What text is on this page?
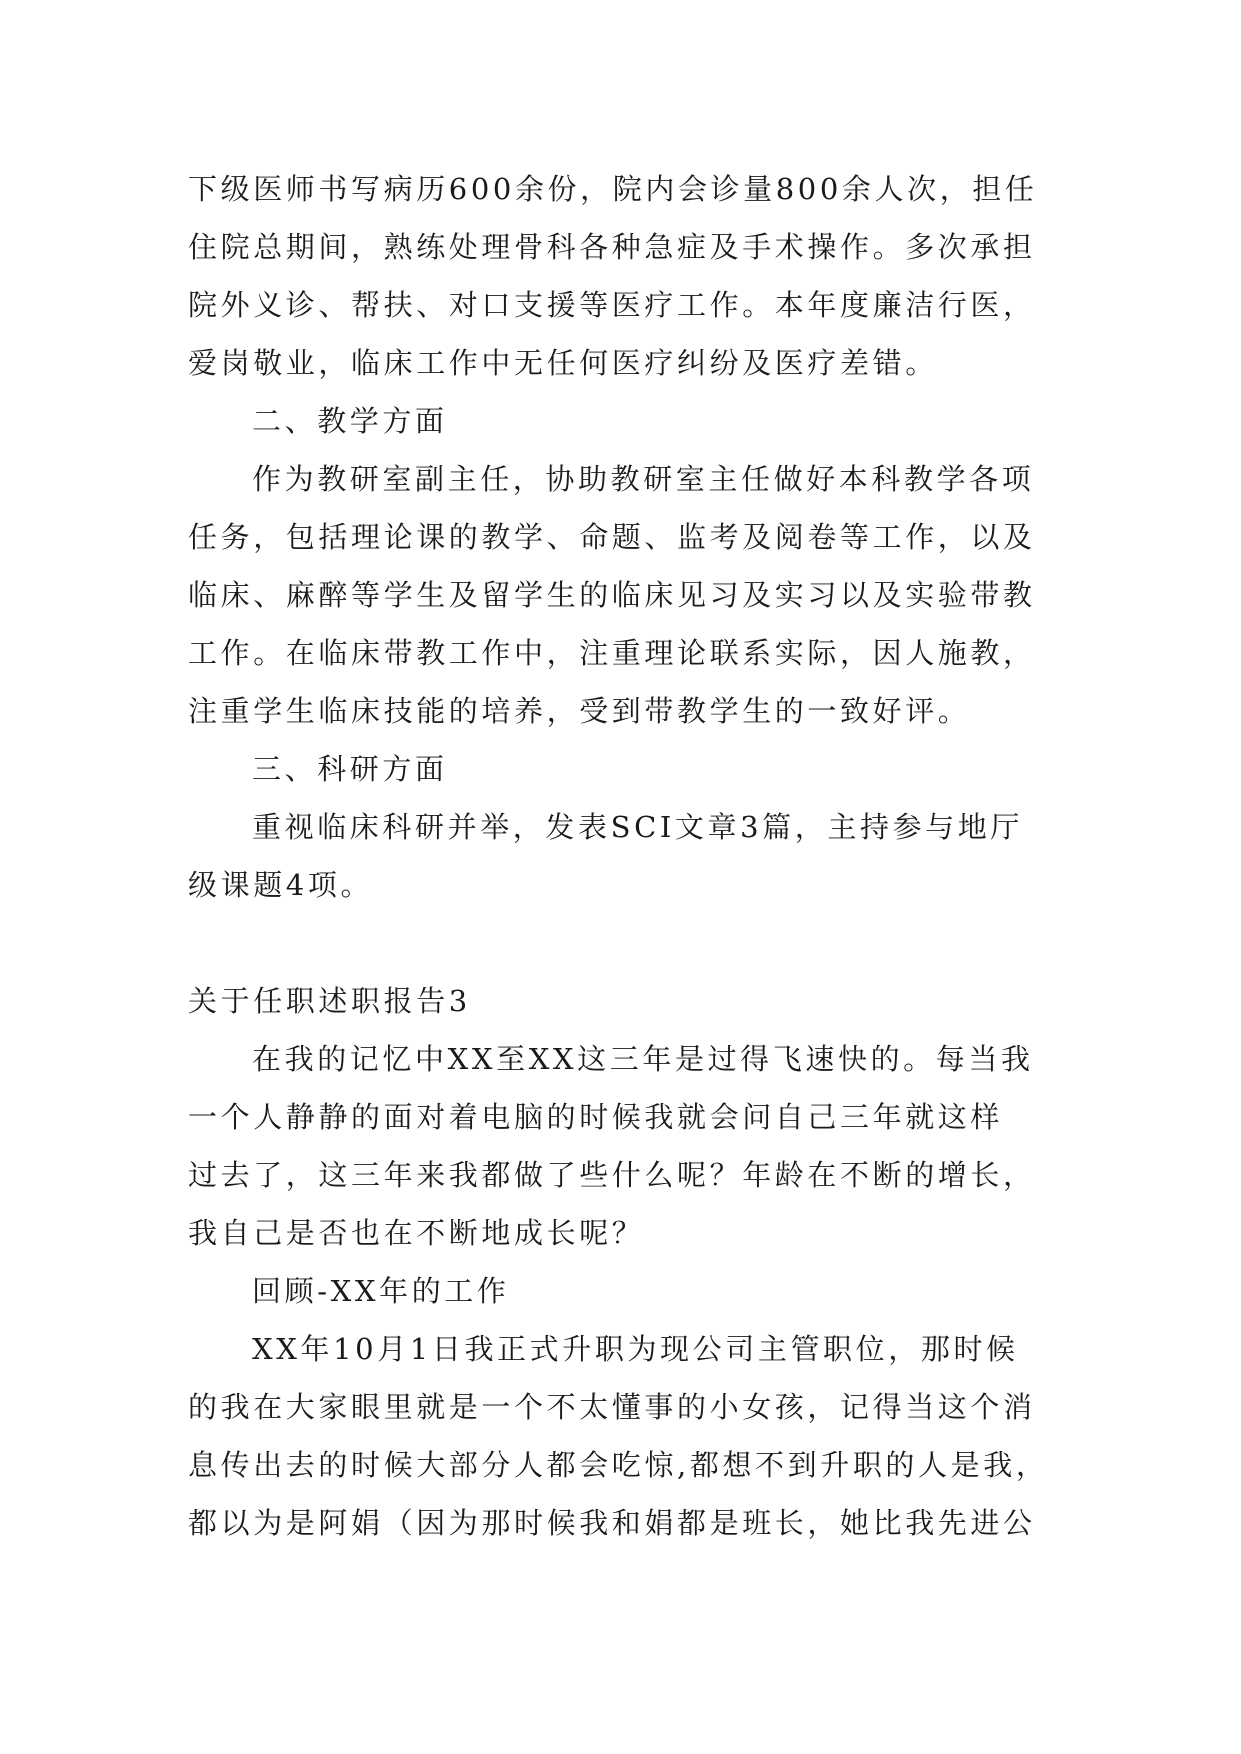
下级医师书写病历600余份，院内会诊量800余人次，担任
住院总期间，熟练处理骨科各种急症及手术操作。多次承担
院外义诊、帮扶、对口支援等医疗工作。本年度廉洁行医，
爱岗敬业，临床工作中无任何医疗纠纷及医疗差错。
二、教学方面
作为教研室副主任，协助教研室主任做好本科教学各项
任务，包括理论课的教学、命题、监考及阅卷等工作，以及
临床、麻醉等学生及留学生的临床见习及实习以及实验带教
工作。在临床带教工作中，注重理论联系实际，因人施教，
注重学生临床技能的培养，受到带教学生的一致好评。
三、科研方面
重视临床科研并举，发表SCI文章3篇，主持参与地厅
级课题4项。
关于任职述职报告3
在我的记忆中XX至XX这三年是过得飞速快的。每当我
一个人静静的面对着电脑的时候我就会问自己三年就这样
过去了，这三年来我都做了些什么呢？年龄在不断的增长，
我自己是否也在不断地成长呢？
回顾-XX年的工作
XX年10月1日我正式升职为现公司主管职位，那时候
的我在大家眼里就是一个不太懂事的小女孩，记得当这个消
息传出去的时候大部分人都会吃惊,都想不到升职的人是我，
都以为是阿娟（因为那时候我和娟都是班长，她比我先进公
